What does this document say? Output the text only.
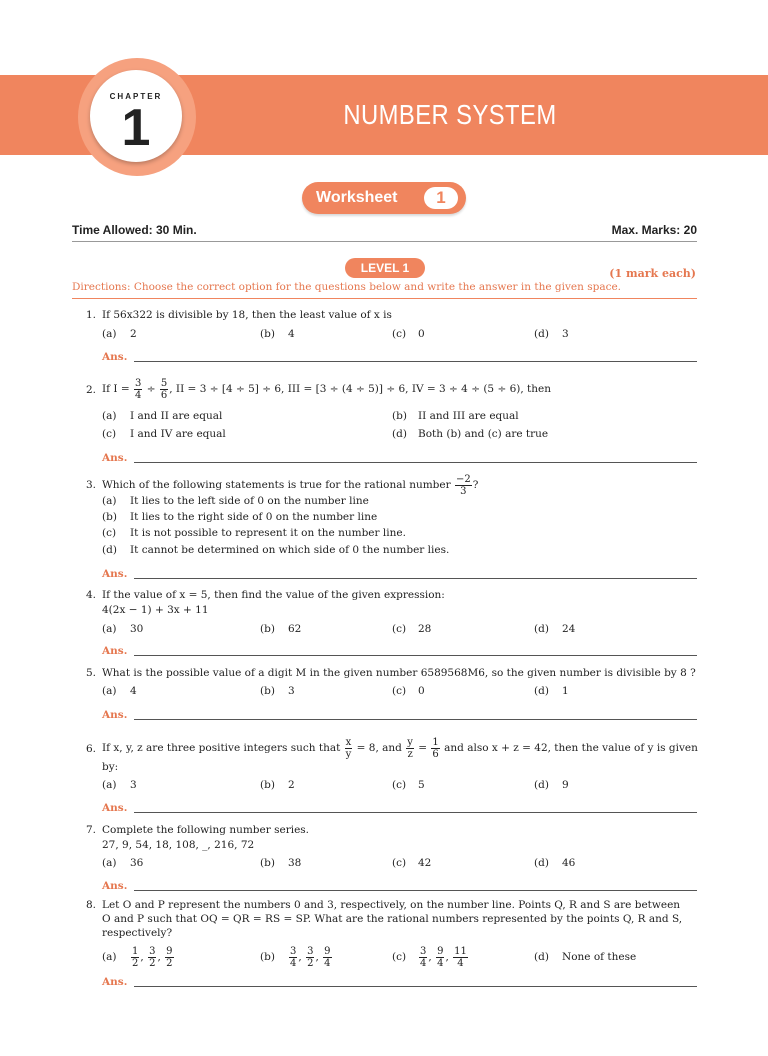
NUMBER SYSTEM
CHAPTER
1
Worksheet	1
Time Allowed: 30 Min.	Max. Marks: 20
LEVEL 1	(1 mark each)
Directions: Choose the correct option for the questions below and write the answer in the given space.
1. If 56x322 is divisible by 18, then the least value of x is
(a) 2	(b) 4	(c) 0	(d) 3
Ans.
2. If $I = \frac{3}{4} \div \frac{5}{6}$ , II = 3 ÷ [4 ÷ 5] ÷ 6, III = [3 ÷ (4 ÷ 5)] ÷ 6, IV = 3 ÷ 4 ÷ (5 ÷ 6), then
(a) I and II are equal	(b) II and III are equal
(c) I and IV are equal	(d) Both (b) and (c) are true
Ans.
3. Which of the following statements is true for the rational number $\frac{-2}{3}$ ?
(a) It lies to the left side of 0 on the number line
(b) It lies to the right side of 0 on the number line
(c) It is not possible to represent it on the number line.
(d) It cannot be determined on which side of 0 the number lies.
Ans.
4. If the value of x = 5, then find the value of the given expression:
4(2x − 1) + 3x + 11
(a) 30	(b) 62	(c) 28	(d) 24
Ans.
5. What is the possible value of a digit M in the given number 6589568M6, so the given number is divisible by 8 ?
(a) 4	(b) 3	(c) 0	(d) 1
Ans.
6. If x, y, z are three positive integers such that $\frac{x}{y} = 8$, and $\frac{y}{z} = \frac{1}{6}$ and also x + z = 42, then the value of y is given
by:
(a) 3	(b) 2	(c) 5	(d) 9
Ans.
7. Complete the following number series.
27, 9, 54, 18, 108, _, 216, 72
(a) 36	(b) 38	(c) 42	(d) 46
Ans.
8. Let O and P represent the numbers 0 and 3, respectively, on the number line. Points Q, R and S are between
O and P such that OQ = QR = RS = SP. What are the rational numbers represented by the points Q, R and S,
respectively?
$(a) \frac{1}{2}$ , $\frac{3}{2}$ , $\frac{9}{2}$	$(b) \frac{3}{4}$ , $\frac{3}{2}$ , $\frac{9}{4}$	$(c) \frac{3}{4}$ , $\frac{9}{4}$ , $\frac{11}{4}$	(d) None of these
Ans.
